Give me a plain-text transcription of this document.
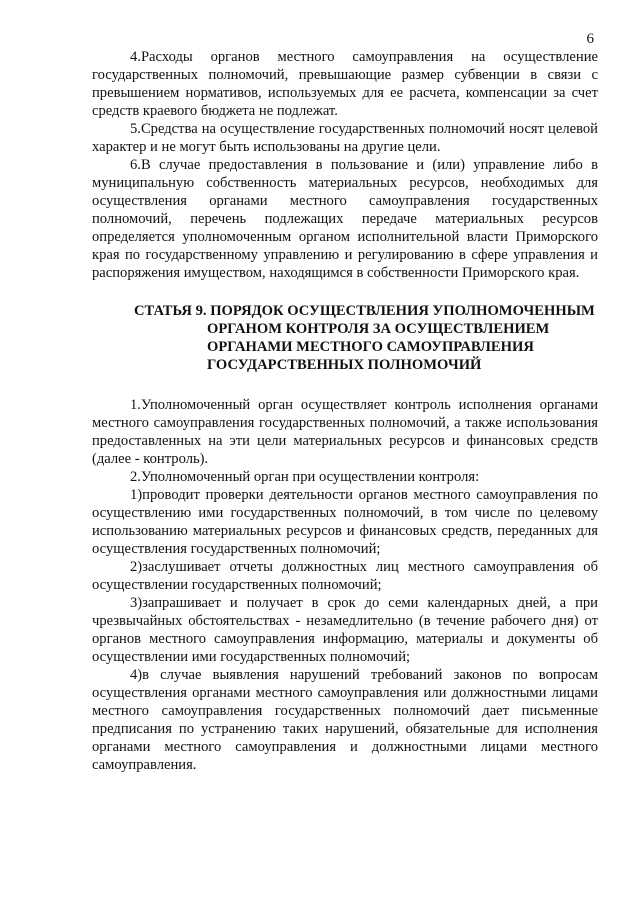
6

4.Расходы органов местного самоуправления на осуществление государственных полномочий, превышающие размер субвенции в связи с превышением нормативов, используемых для ее расчета, компенсации за счет средств краевого бюджета не подлежат.

5.Средства на осуществление государственных полномочий носят целевой характер и не могут быть использованы на другие цели.

6.В случае предоставления в пользование и (или) управление либо в муниципальную собственность материальных ресурсов, необходимых для осуществления органами местного самоуправления государственных полномочий, перечень подлежащих передаче материальных ресурсов определяется уполномоченным органом исполнительной власти Приморского края по государственному управлению и регулированию в сфере управления и распоряжения имуществом, находящимся в собственности Приморского края.

СТАТЬЯ 9. ПОРЯДОК ОСУЩЕСТВЛЕНИЯ УПОЛНОМОЧЕННЫМ
ОРГАНОМ КОНТРОЛЯ ЗА ОСУЩЕСТВЛЕНИЕМ
ОРГАНАМИ МЕСТНОГО САМОУПРАВЛЕНИЯ
ГОСУДАРСТВЕННЫХ ПОЛНОМОЧИЙ

1.Уполномоченный орган осуществляет контроль исполнения органами местного самоуправления государственных полномочий, а также использования предоставленных на эти цели материальных ресурсов и финансовых средств (далее - контроль).

2.Уполномоченный орган при осуществлении контроля:

1)проводит проверки деятельности органов местного самоуправления по осуществлению ими государственных полномочий, в том числе по целевому использованию материальных ресурсов и финансовых средств, переданных для осуществления государственных полномочий;

2)заслушивает отчеты должностных лиц местного самоуправления об осуществлении государственных полномочий;

3)запрашивает и получает в срок до семи календарных дней, а при чрезвычайных обстоятельствах - незамедлительно (в течение рабочего дня) от органов местного самоуправления информацию, материалы и документы об осуществлении ими государственных полномочий;

4)в случае выявления нарушений требований законов по вопросам осуществления органами местного самоуправления или должностными лицами местного самоуправления государственных полномочий дает письменные предписания по устранению таких нарушений, обязательные для исполнения органами местного самоуправления и должностными лицами местного самоуправления.
